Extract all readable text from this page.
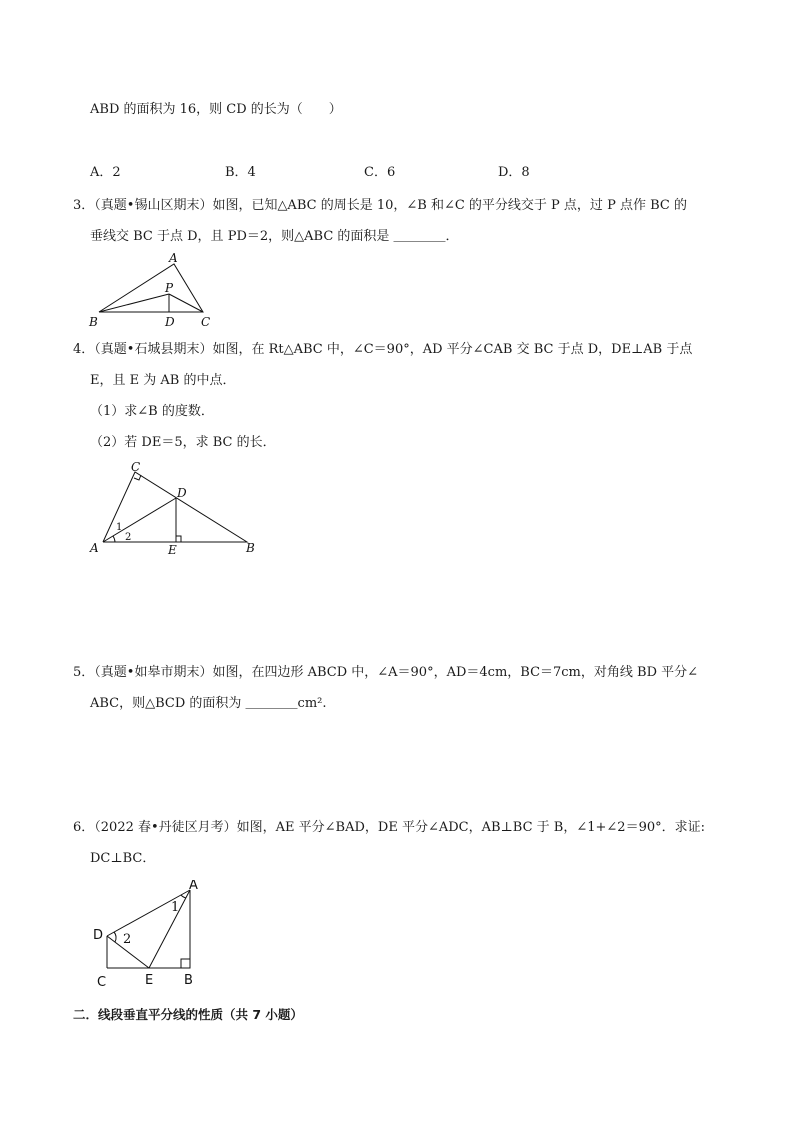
ABD 的面积为 16，则 CD 的长为（　　）
A．2	B．4	C．6	D．8
3．（真题•锡山区期末）如图，已知△ABC 的周长是 10，∠B 和∠C 的平分线交于 P 点，过 P 点作 BC 的
垂线交 BC 于点 D，且 PD＝2，则△ABC 的面积是 ＿＿＿＿．
A
P
B	D C
4．（真题•石城县期末）如图，在 Rt△ABC 中，∠C＝90°，AD 平分∠CAB 交 BC 于点 D，DE⊥AB 于点
E，且 E 为 AB 的中点．
（1）求∠B 的度数．
（2）若 DE＝5，求 BC 的长．
C
D
A	E	B
1
2
5．（真题•如皋市期末）如图，在四边形 ABCD 中，∠A＝90°，AD＝4cm，BC＝7cm，对角线 BD 平分∠
ABC，则△BCD 的面积为 ＿＿＿＿cm².
6．（2022 春•丹徒区月考）如图，AE 平分∠BAD，DE 平分∠ADC，AB⊥BC 于 B，∠1+∠2＝90°．求证:
DC⊥BC．
A
D
C	E B
1
2
二．线段垂直平分线的性质（共 7 小题）
